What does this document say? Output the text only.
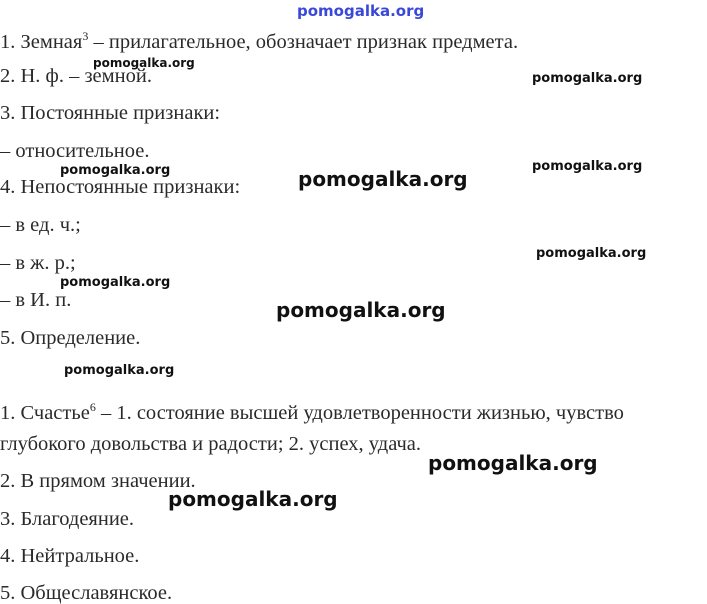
pomogalka.org
1. Земная$^3$ – прилагательное, обозначает признак предмета.
2. Н. ф. – земной.
3. Постоянные признаки:
– относительное.
4. Непостоянные признаки:
– в ед. ч.;
– в ж. р.;
– в И. п.
5. Определение.
1. Счастье$^6$ – 1. состояние высшей удовлетворенности жизнью, чувство
глубокого довольства и радости; 2. успех, удача.
2. В прямом значении.
3. Благодеяние.
4. Нейтральное.
5. Общеславянское.
pomogalka.org
pomogalka.org
pomogalka.org
pomogalka.org	pomogalka.org
pomogalka.org
pomogalka.org
pomogalka.org
pomogalka.org
pomogalka.org
pomogalka.org
